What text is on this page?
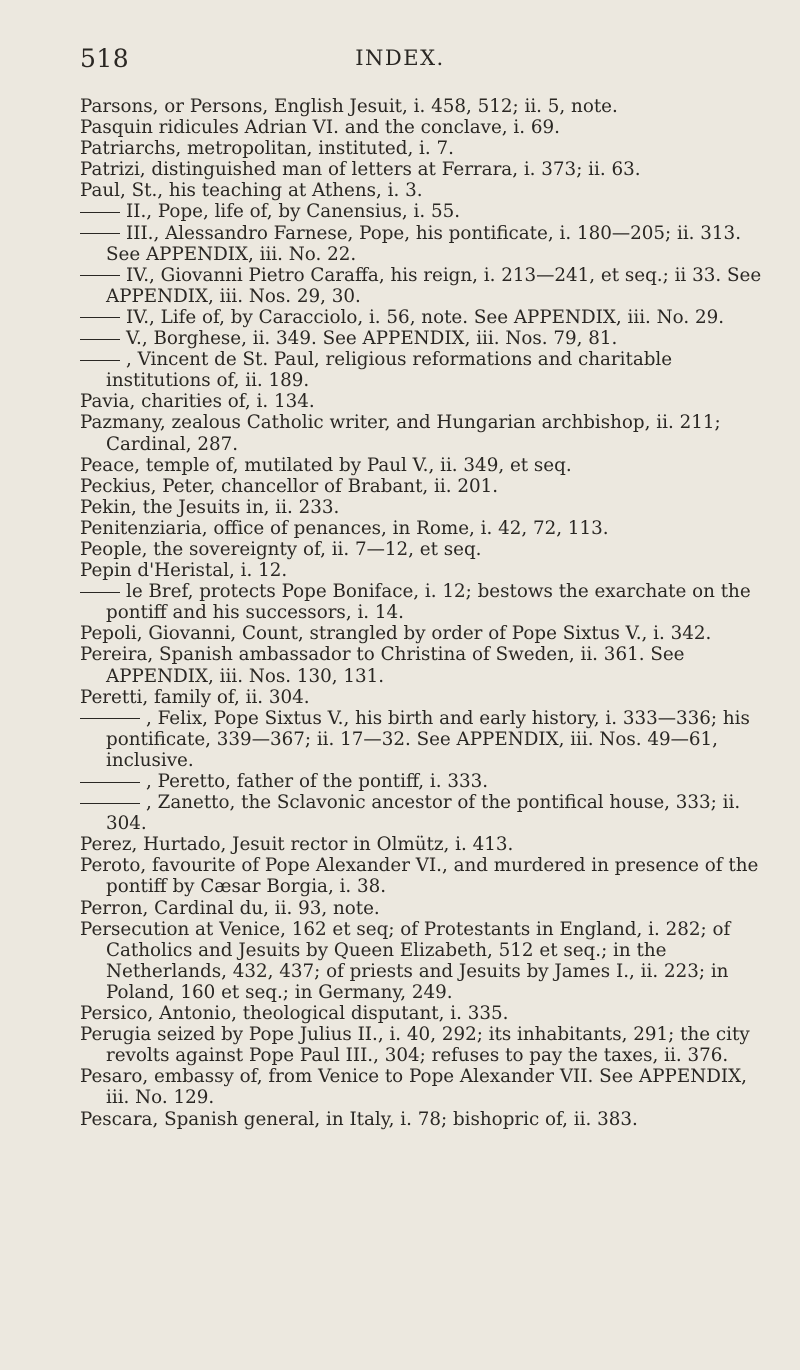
518	INDEX.

Parsons, or Persons, English Jesuit, i. 458, 512; ii. 5, note.

Pasquin ridicules Adrian VI. and the conclave, i. 69.

Patriarchs, metropolitan, instituted, i. 7.

Patrizi, distinguished man of letters at Ferrara, i. 373; ii. 63.

Paul, St., his teaching at Athens, i. 3.

II., Pope, life of, by Canensius, i. 55.

III., Alessandro Farnese, Pope, his pontificate, i. 180—205; ii. 313. See APPENDIX, iii. No. 22.

IV., Giovanni Pietro Caraffa, his reign, i. 213—241, et seq.; ii 33. See APPENDIX, iii. Nos. 29, 30.

IV., Life of, by Caracciolo, i. 56, note. See APPENDIX, iii. No. 29.

V., Borghese, ii. 349. See APPENDIX, iii. Nos. 79, 81.

, Vincent de St. Paul, religious reformations and charitable institutions of, ii. 189.

Pavia, charities of, i. 134.

Pazmany, zealous Catholic writer, and Hungarian archbishop, ii. 211; Cardinal, 287.

Peace, temple of, mutilated by Paul V., ii. 349, et seq.

Peckius, Peter, chancellor of Brabant, ii. 201.

Pekin, the Jesuits in, ii. 233.

Penitenziaria, office of penances, in Rome, i. 42, 72, 113.

People, the sovereignty of, ii. 7—12, et seq.

Pepin d'Heristal, i. 12.

le Bref, protects Pope Boniface, i. 12; bestows the exarchate on the pontiff and his successors, i. 14.

Pepoli, Giovanni, Count, strangled by order of Pope Sixtus V., i. 342.

Pereira, Spanish ambassador to Christina of Sweden, ii. 361. See APPENDIX, iii. Nos. 130, 131.

Peretti, family of, ii. 304.

, Felix, Pope Sixtus V., his birth and early history, i. 333—336; his pontificate, 339—367; ii. 17—32. See APPENDIX, iii. Nos. 49—61, inclusive.

, Peretto, father of the pontiff, i. 333.

, Zanetto, the Sclavonic ancestor of the pontifical house, 333; ii. 304.

Perez, Hurtado, Jesuit rector in Olmütz, i. 413.

Peroto, favourite of Pope Alexander VI., and murdered in presence of the pontiff by Cæsar Borgia, i. 38.

Perron, Cardinal du, ii. 93, note.

Persecution at Venice, 162 et seq; of Protestants in England, i. 282; of Catholics and Jesuits by Queen Elizabeth, 512 et seq.; in the Netherlands, 432, 437; of priests and Jesuits by James I., ii. 223; in Poland, 160 et seq.; in Germany, 249.

Persico, Antonio, theological disputant, i. 335.

Perugia seized by Pope Julius II., i. 40, 292; its inhabitants, 291; the city revolts against Pope Paul III., 304; refuses to pay the taxes, ii. 376.

Pesaro, embassy of, from Venice to Pope Alexander VII. See APPENDIX, iii. No. 129.

Pescara, Spanish general, in Italy, i. 78; bishopric of, ii. 383.
